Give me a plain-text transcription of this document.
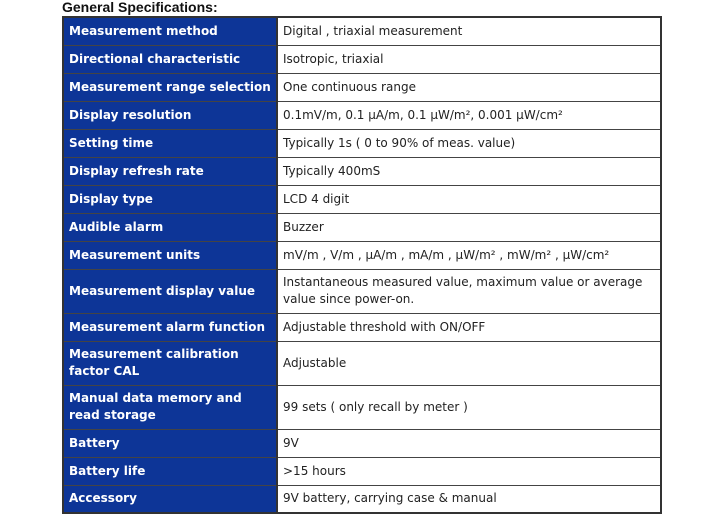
General Specifications:
Measurement method	Digital , triaxial measurement
Directional characteristic	Isotropic, triaxial
Measurement range selection	One continuous range
Display resolution	0.1mV/m, 0.1 µA/m, 0.1 µW/m², 0.001 µW/cm²
Setting time	Typically 1s ( 0 to 90% of meas. value)
Display refresh rate	Typically 400mS
Display type	LCD 4 digit
Audible alarm	Buzzer
Measurement units	mV/m , V/m , µA/m , mA/m , µW/m² , mW/m² , µW/cm²
Measurement display value	Instantaneous measured value, maximum value or average value since power-on.
Measurement alarm function	Adjustable threshold with ON/OFF
Measurement calibration factor CAL	Adjustable
Manual data memory and read storage	99 sets ( only recall by meter )
Battery	9V
Battery life	>15 hours
Accessory	9V battery, carrying case & manual
